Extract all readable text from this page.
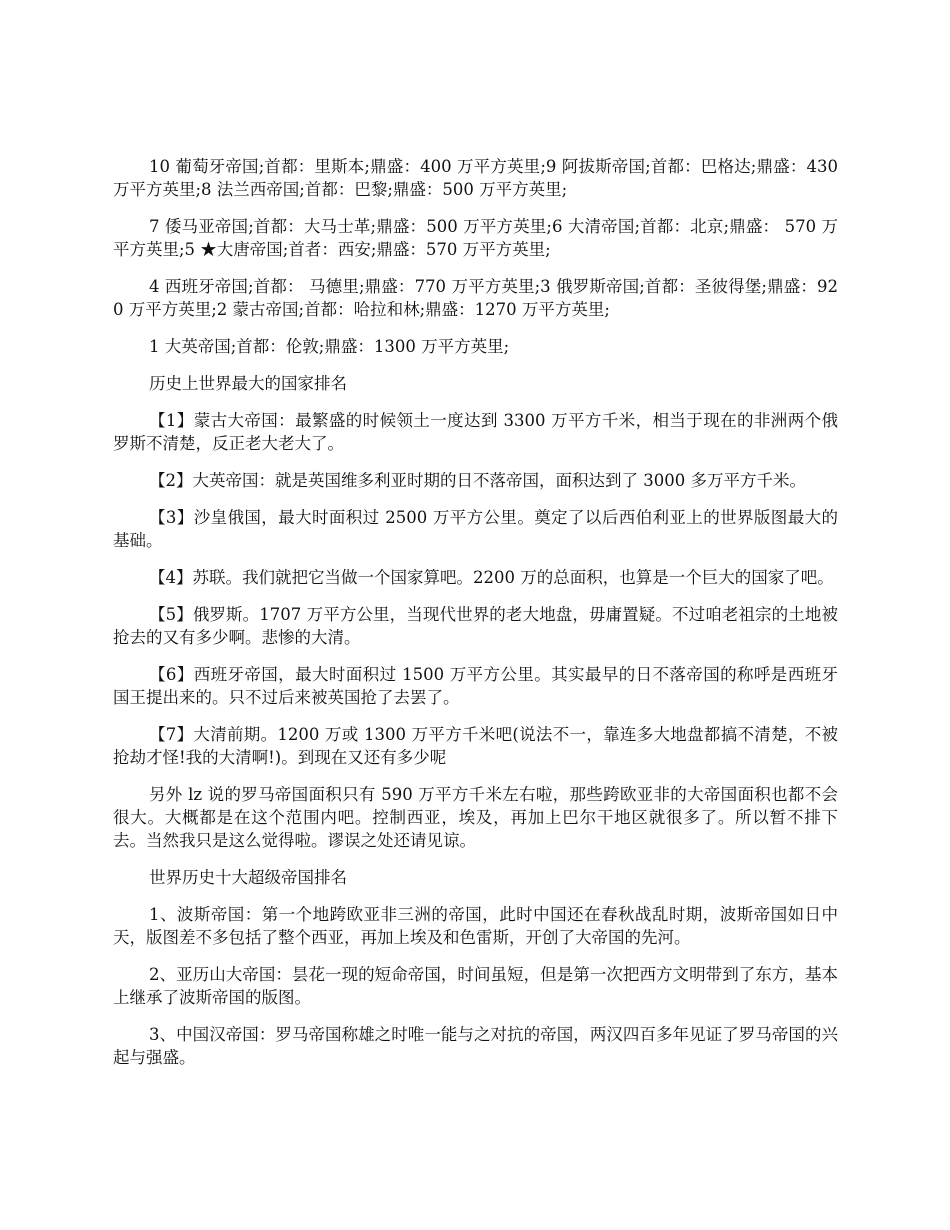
10 葡萄牙帝国;首都：里斯本;鼎盛：400 万平方英里;9 阿拔斯帝国;首都：巴格达;鼎盛：430 万平方英里;8 法兰西帝国;首都：巴黎;鼎盛：500 万平方英里;

7 倭马亚帝国;首都：大马士革;鼎盛：500 万平方英里;6 大清帝国;首都：北京;鼎盛： 570 万平方英里;5 ★大唐帝国;首者：西安;鼎盛：570 万平方英里;

4 西班牙帝国;首都： 马德里;鼎盛：770 万平方英里;3 俄罗斯帝国;首都：圣彼得堡;鼎盛：920 万平方英里;2 蒙古帝国;首都：哈拉和林;鼎盛：1270 万平方英里;

1 大英帝国;首都：伦敦;鼎盛：1300 万平方英里;

历史上世界最大的国家排名

【1】蒙古大帝国：最繁盛的时候领土一度达到 3300 万平方千米，相当于现在的非洲两个俄罗斯不清楚，反正老大老大了。

【2】大英帝国：就是英国维多利亚时期的日不落帝国，面积达到了 3000 多万平方千米。

【3】沙皇俄国，最大时面积过 2500 万平方公里。奠定了以后西伯利亚上的世界版图最大的基础。

【4】苏联。我们就把它当做一个国家算吧。2200 万的总面积，也算是一个巨大的国家了吧。

【5】俄罗斯。1707 万平方公里，当现代世界的老大地盘，毋庸置疑。不过咱老祖宗的土地被抢去的又有多少啊。悲惨的大清。

【6】西班牙帝国，最大时面积过 1500 万平方公里。其实最早的日不落帝国的称呼是西班牙国王提出来的。只不过后来被英国抢了去罢了。

【7】大清前期。1200 万或 1300 万平方千米吧(说法不一，靠连多大地盘都搞不清楚，不被抢劫才怪!我的大清啊!)。到现在又还有多少呢

另外 lz 说的罗马帝国面积只有 590 万平方千米左右啦，那些跨欧亚非的大帝国面积也都不会很大。大概都是在这个范围内吧。控制西亚，埃及，再加上巴尔干地区就很多了。所以暂不排下去。当然我只是这么觉得啦。谬误之处还请见谅。

世界历史十大超级帝国排名

1、波斯帝国：第一个地跨欧亚非三洲的帝国，此时中国还在春秋战乱时期，波斯帝国如日中天，版图差不多包括了整个西亚，再加上埃及和色雷斯，开创了大帝国的先河。

2、亚历山大帝国：昙花一现的短命帝国，时间虽短，但是第一次把西方文明带到了东方，基本上继承了波斯帝国的版图。

3、中国汉帝国：罗马帝国称雄之时唯一能与之对抗的帝国，两汉四百多年见证了罗马帝国的兴起与强盛。
